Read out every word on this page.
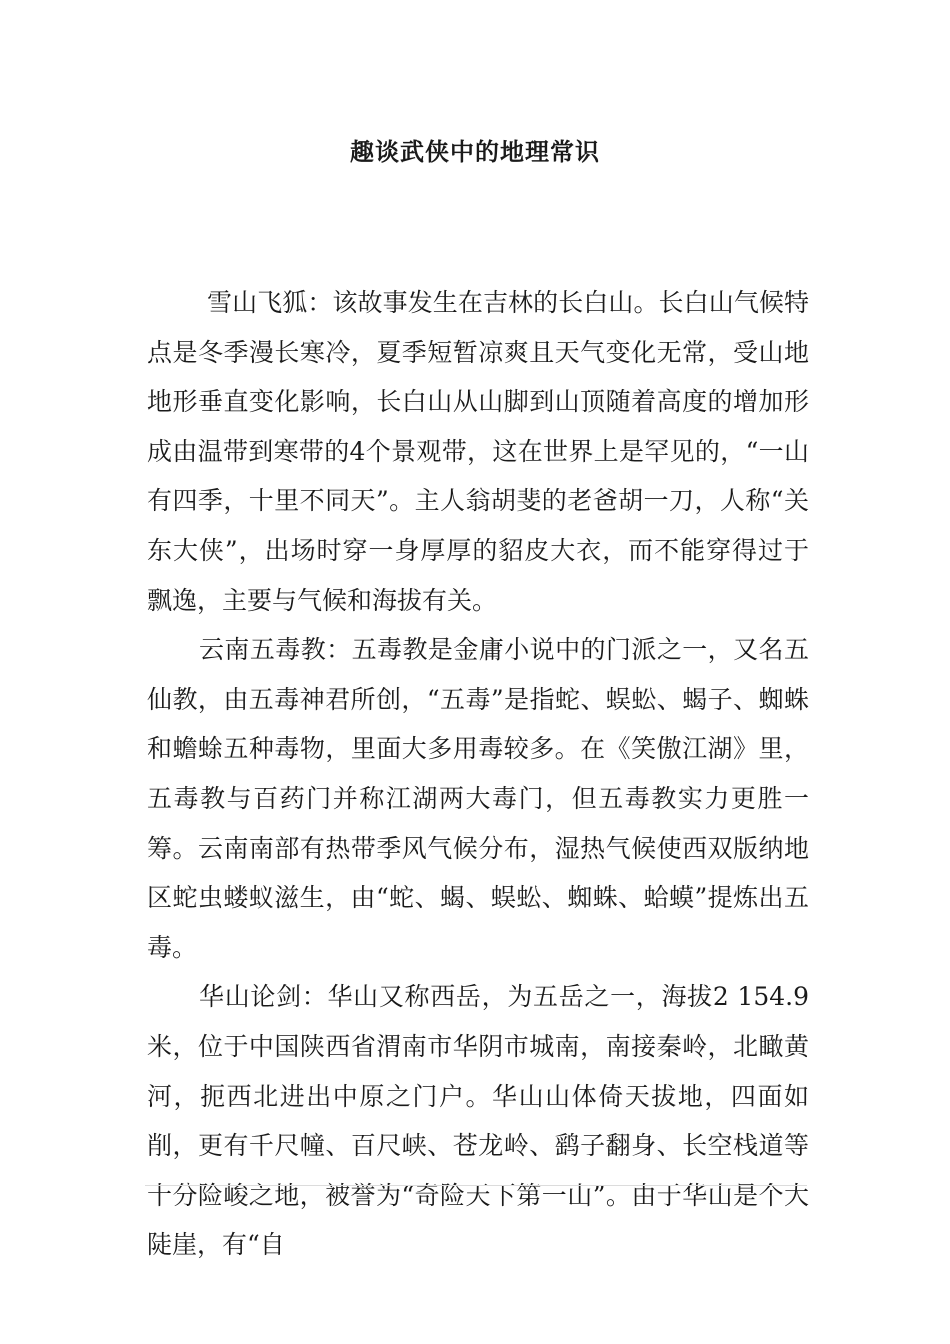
趣谈武侠中的地理常识

雪山飞狐：该故事发生在吉林的长白山。长白山气候特点是冬季漫长寒冷，夏季短暂凉爽且天气变化无常，受山地地形垂直变化影响，长白山从山脚到山顶随着高度的增加形成由温带到寒带的4个景观带，这在世界上是罕见的，“一山有四季，十里不同天”。主人翁胡斐的老爸胡一刀，人称“关东大侠”，出场时穿一身厚厚的貂皮大衣，而不能穿得过于飘逸，主要与气候和海拔有关。

云南五毒教：五毒教是金庸小说中的门派之一，又名五仙教，由五毒神君所创，“五毒”是指蛇、蜈蚣、蝎子、蜘蛛和蟾蜍五种毒物，里面大多用毒较多。在《笑傲江湖》里，五毒教与百药门并称江湖两大毒门，但五毒教实力更胜一筹。云南南部有热带季风气候分布，湿热气候使西双版纳地区蛇虫蝼蚁滋生，由“蛇、蝎、蜈蚣、蜘蛛、蛤蟆”提炼出五毒。

华山论剑：华山又称西岳，为五岳之一，海拔2 154.9米，位于中国陕西省渭南市华阴市城南，南接秦岭，北瞰黄河，扼西北进出中原之门户。华山山体倚天拔地，四面如削，更有千尺幢、百尺峡、苍龙岭、鹞子翻身、长空栈道等十分险峻之地，被誉为“奇险天下第一山”。由于华山是个大陡崖，有“自
